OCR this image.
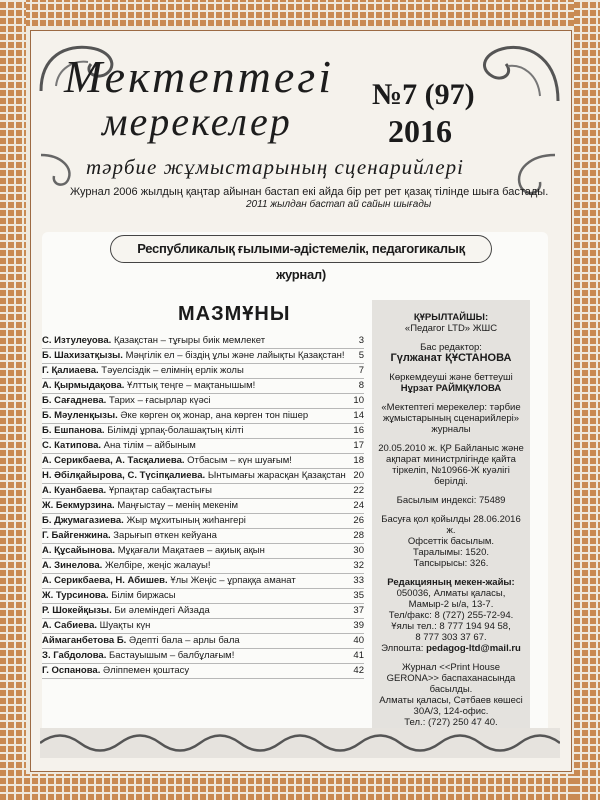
Мектептегі
мерекелер
№7 (97)
2016
тәрбие жұмыстарының сценарийлері
Журнал 2006 жылдың қаңтар айынан бастап екі айда бір рет рет қазақ тілінде шыға бастады.
2011 жылдан бастап ай сайын шығады
Республикалық ғылыми-әдістемелік, педагогикалық журнал)
МАЗМҰНЫ
С. Изтулеуова. Қазақстан – тұғыры биік мемлекет	3
Б. Шахизатқызы. Мәңгілік ел – біздің ұлы және лайықты Қазақстан!	5
Г. Қалиаева. Тәуелсіздік – елімнің ерлік жолы	7
А. Қырмыдақова. Ұлттық теңге – мақтанышым!	8
Б. Сағаднева. Тарих – ғасырлар күәсі	10
Б. Мәуленқызы. Әке көрген оқ жонар, ана көрген тон пішер	14
Б. Ешпанова. Білімді ұрпақ-болашақтың кілті	16
С. Катипова. Ана тілім – айбыным	17
А. Серикбаева, А. Тасқалиева. Отбасым – күн шуағым!	18
Н. Әбілқайырова, С. Түсіпқалиева. Ынтымағы жарасқан Қазақстан 20
А. Куанбаева. Ұрпақтар сабақтастығы	22
Ж. Бекмурзина. Маңғыстау – менің мекенім	24
Б. Джумагазиева. Жыр мұхитының жиһангері	26
Г. Байгенжина. Зарығып өткен кейуана	28
А. Құсайынова. Мұқағали Мақатаев – ақиық ақын	30
А. Зинелова. Желбіре, жеңіс жалауы!	32
А. Серикбаева, Н. Абишев. Ұлы Жеңіс – ұрпаққа аманат	33
Ж. Турсинова. Білім биржасы	35
Р. Шокейқызы. Би әлеміндегі Айзада	37
А. Сабиева. Шуақты күн	39
Аймаганбетова Б. Әдепті бала – арлы бала	40
З. Габдолова. Бастауышым – балбұлағым!	41
Г. Оспанова. Әліппемен қоштасу	42
ҚҰРЫЛТАЙШЫ:
«Педагог LTD» ЖШС
Бас редактор:
Гүлжанат ҚҰСТАНОВА
Көркемдеуші және беттеуші
Нұрзат РАЙМҚҰЛОВА
«Мектептегі мерекелер: тәрбие жұмыстарының сценарийлері» журналы
20.05.2010 ж. ҚР Байланыс және ақпарат министрлігінде қайта тіркеліп, №10966-Ж куәлігі берілді.
Басылым индексі: 75489
Басуға қол қойылды 28.06.2016 ж.
Офсеттік басылым.
Таралымы: 1520.
Тапсырысы: 326.
Редакцияның мекен-жайы:
050036, Алматы қаласы, Мамыр-2 ы/а, 13-7.
Тел/факс: 8 (727) 255-72-94.
Ұялы тел.: 8 777 194 94 58,
8 777 303 37 67.
Элпошта: pedagog-ltd@mail.ru
Журнал <<Print House GERONA>> баспаханасында басылды.
Алматы қаласы, Сәтбаев көшесі 30А/3, 124-офис.
Тел.: (727) 250 47 40.
